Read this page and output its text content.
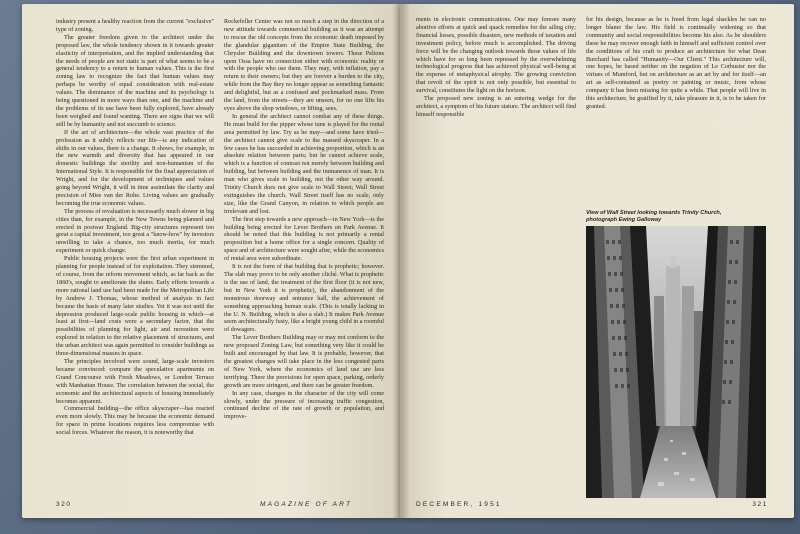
industry present a healthy reaction from the current "exclusive" type of zoning.

The greater freedom given to the architect under the proposed law, the whole tendency shown in it towards greater elasticity of interpretation, and the implied understanding that the needs of people are not static is part of what seems to be a general tendency to a return to human values. This is the first zoning law to recognize the fact that human values may perhaps be worthy of equal consideration with real-estate values. The dominance of the machine and its psychology is being questioned in more ways than one, and the machine and the problems of its use have been fully explored, have already been weighed and found wanting. There are signs that we will still be by humanity and not succumb to science.

If the art of architecture—the whole vast practice of the profession as it subtly reflects our life—is any indication of shifts in our values, there is a change. It shows, for example, in the new warmth and diversity that has appeared in our domestic buildings the sterility and non-humanism of the International Style. It is responsible for the final appreciation of Wright, and for the development of techniques and values going beyond Wright, it will in time assimilate the clarity and precision of Mies van der Rohe. Living values are gradually becoming the true economic values.

The process of revaluation is necessarily much slower in big cities than, for example, in the New Towns being planned and erected in postwar England. Big-city structures represent too great a capital investment, too great a "know-how" by investors unwilling to take a chance, too much inertia, for much experiment or quick change.

Public housing projects were the first urban experiment in planning for people instead of for exploitation. They stemmed, of course, from the reform movement which, as far back as the 1860's, sought to ameliorate the slums. Early efforts towards a more rational land use had been made for the Metropolitan Life by Andrew J. Thomas, whose method of analysis in fact became the basis of many later studies. Yet it was not until the depression produced large-scale public housing in which—at least at first—land costs were a secondary factor, that the possibilities of planning for light, air and recreation were explored in relation to the relative placement of structures, and the urban architect was again permitted to consider buildings as three-dimensional masses in space.

The principles involved were sound, large-scale investors became convinced: compare the speculative apartments on Grand Concourse with Fresh Meadows, or London Terrace with Manhattan House. The correlation between the social, the economic and the architectural aspects of housing immediately becomes apparent.

Commercial building—the office skyscraper—has reacted even more slowly. This may be because the economic demand for space in prime locations requires less compromise with social forces. Whatever the reason, it is noteworthy that

Rockefeller Center was not so much a step in the direction of a new attitude towards commercial building as it was an attempt to rescue the old concepts from the economic death imposed by the glandular gigantism of the Empire State Building, the Chrysler Building and the downtown towers. These Pelions upon Ossa have no connection either with economic reality or with the people who use them. They may, with inflation, pay a return to their owners; but they are forever a burden to the city, while from the Bay they no longer appear as something fantastic and delightful, but as a confused and pockmarked mass. From the land, from the streets—they are unseen, for no one lifts his eyes above the shop windows, or lifting, sees.

In general the architect cannot combat any of these things. He must build for the pipper whose tune is played for the rental area permitted by law. Try as he may—and some have tried—the architect cannot give scale to the massed skyscraper. In a few cases he has succeeded in achieving proportion, which is an absolute relation between parts; but he cannot achieve scale, which is a function of contrast not merely between building and building, but between building and the immanence of man. It is man who gives scale to building, not the other way around. Trinity Church does not give scale to Wall Street; Wall Street extinguishes the church. Wall Street itself has no scale, only size, like the Grand Canyon, in relation to which people are irrelevant and lost.

The first step towards a new approach—in New York—is the building being erected for Lever Brothers on Park Avenue. It should be noted that this building is not primarily a rental proposition but a home office for a single concern. Quality of space and of architecture were sought after, while the economics of rental area were subordinate.

It is not the form of that building that is prophetic; however. The slab may prove to be only another cliché. What is prophetic is the use of land, the treatment of the first floor (it is not new, but in New York it is prophetic), the abandonment of the monstrous doorway and entrance hall, the achievement of something approaching human scale. (This is totally lacking in the U. N. Building, which is also a slab.) It makes Park Avenue seem architecturally fusty, like a bright young child in a roomful of dowagers.

The Lever Brothers Building may or may not conform to the new proposed Zoning Law, but something very like it could be built and encouraged by that law. It is probable, however, that the greatest changes will take place in the less congested parts of New York, where the economics of land use are less terrifying. There the provisions for open space, parking, orderly growth are more stringent, and there can be greater freedom.

In any case, changes in the character of the city will come slowly, under the pressure of increasing traffic congestion, continued decline of the rate of growth or population, and improve-

320	MAGAZINE OF ART

ments in electronic communications. One may foresee many abortive efforts at quick and quack remedies for the ailing city; financial losses, possible disasters, new methods of taxation and investment policy, before much is accomplished. The driving force will be the changing outlook towards those values of life which have for so long been repressed by the overwhelming technological progress that has achieved physical well-being at the expense of metaphysical atrophy. The growing conviction that revolt of the spirit is not only possible, but essential to survival, constitutes the light on the horizon.

The proposed new zoning is an entering wedge for the architect, a symptom of his future stature. The architect will find himself responsible

for his design, because as he is freed from legal shackles he can no longer blame the law. His field is continually widening so that community and social responsibilities become his also. As he shoulders these he may recover enough faith in himself and sufficient control over the conditions of his craft to produce an architecture for what Dean Burchard has called "Humanity—Our Client." This architecture will, one hopes, be based neither on the negation of Le Corbusier nor the virtues of Mumford, but on architecture as an art by and for itself—an art as self-contained as poetry or painting or music, from whose company it has been missing for quite a while. That people will live in this architecture, be gratified by it, take pleasure in it, is to be taken for granted.

View of Wall Street looking towards Trinity Church,
photograph Ewing Galloway
DECEMBER, 1951	321
